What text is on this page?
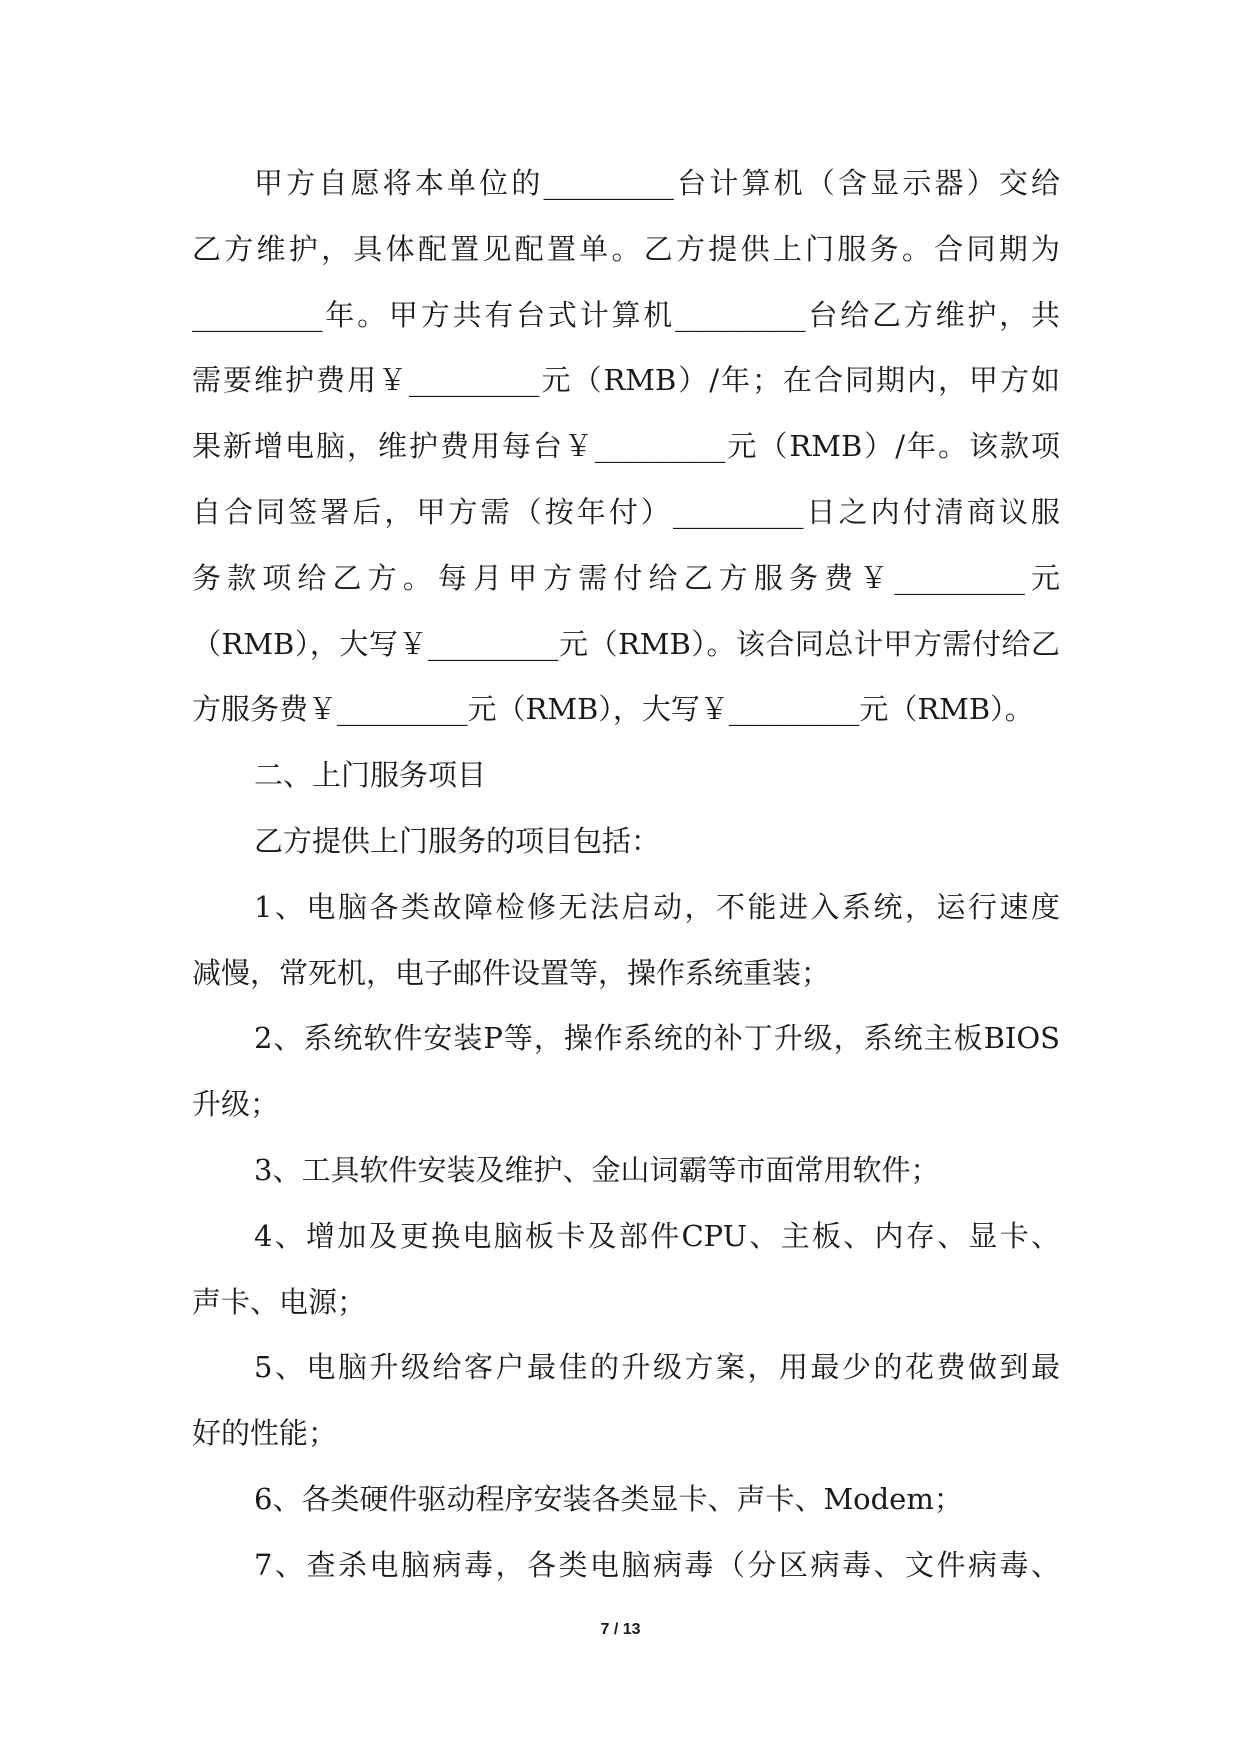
甲方自愿将本单位的_________台计算机（含显示器）交给
乙方维护，具体配置见配置单。乙方提供上门服务。合同期为
_________年。甲方共有台式计算机_________台给乙方维护，共
需要维护费用￥_________元（RMB）/年；在合同期内，甲方如
果新增电脑，维护费用每台￥_________元（RMB）/年。该款项
自合同签署后，甲方需（按年付）_________日之内付清商议服
务款项给乙方。每月甲方需付给乙方服务费￥_________元
（RMB），大写￥_________元（RMB）。该合同总计甲方需付给乙
方服务费￥_________元（RMB），大写￥_________元（RMB）。
二、上门服务项目
乙方提供上门服务的项目包括：
1、电脑各类故障检修无法启动，不能进入系统，运行速度
减慢，常死机，电子邮件设置等，操作系统重装；
2、系统软件安装P等，操作系统的补丁升级，系统主板BIOS
升级；
3、工具软件安装及维护、金山词霸等市面常用软件；
4、增加及更换电脑板卡及部件CPU、主板、内存、显卡、
声卡、电源；
5、电脑升级给客户最佳的升级方案，用最少的花费做到最
好的性能；
6、各类硬件驱动程序安装各类显卡、声卡、Modem；
7、查杀电脑病毒，各类电脑病毒（分区病毒、文件病毒、
7 / 13
